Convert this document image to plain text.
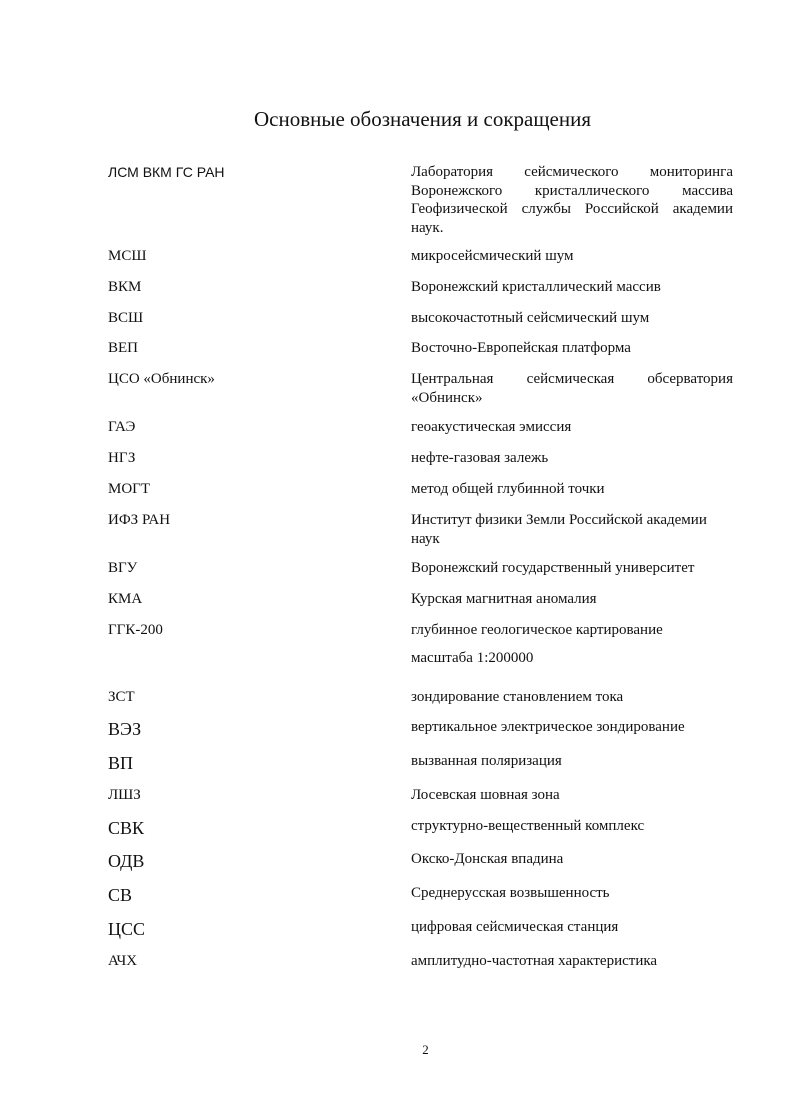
Основные обозначения и сокращения
ЛСМ ВКМ ГС РАН	Лаборатория сейсмического мониторинга
Воронежского кристаллического массива
Геофизической службы Российской академии
наук.
МСШ	микросейсмический шум
ВКМ	Воронежский кристаллический массив
ВСШ	высокочастотный сейсмический шум
ВЕП	Восточно-Европейская платформа
ЦСО «Обнинск»	Центральная сейсмическая обсерватория
«Обнинск»
ГАЭ	геоакустическая эмиссия
НГЗ	нефте-газовая залежь
МОГТ	метод общей глубинной точки
ИФЗ РАН	Институт физики Земли Российской академии наук
ВГУ	Воронежский государственный университет
КМА	Курская магнитная аномалия
ГГК-200	глубинное геологическое картирование
масштаба 1:200000
ЗСТ	зондирование становлением тока
ВЭЗ	вертикальное электрическое зондирование
ВП	вызванная поляризация
ЛШЗ	Лосевская шовная зона
СВК	структурно-вещественный комплекс
ОДВ	Окско-Донская впадина
СВ	Среднерусская возвышенность
ЦСС	цифровая сейсмическая станция
АЧХ	амплитудно-частотная характеристика
2
